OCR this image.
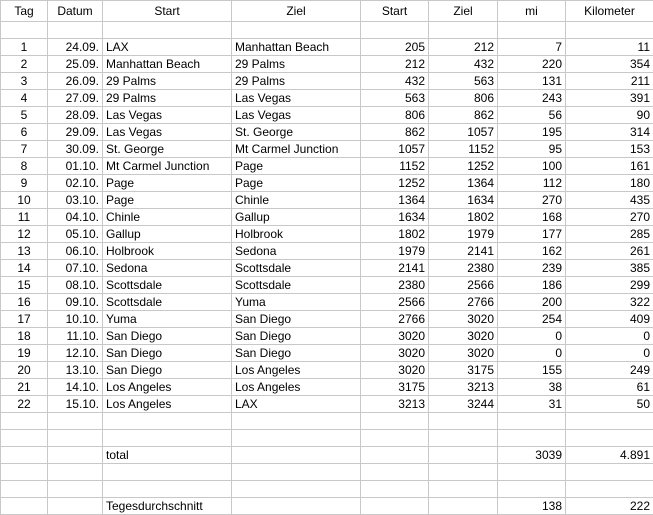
Tag	Datum	Start	Ziel	Start	Ziel	mi	Kilometer

1	24.09.	LAX	Manhattan Beach	205	212	7	11
2	25.09.	Manhattan Beach	29 Palms	212	432	220	354
3	26.09.	29 Palms	29 Palms	432	563	131	211
4	27.09.	29 Palms	Las Vegas	563	806	243	391
5	28.09.	Las Vegas	Las Vegas	806	862	56	90
6	29.09.	Las Vegas	St. George	862	1057	195	314
7	30.09.	St. George	Mt Carmel Junction	1057	1152	95	153
8	01.10.	Mt Carmel Junction	Page	1152	1252	100	161
9	02.10.	Page	Page	1252	1364	112	180
10	03.10.	Page	Chinle	1364	1634	270	435
11	04.10.	Chinle	Gallup	1634	1802	168	270
12	05.10.	Gallup	Holbrook	1802	1979	177	285
13	06.10.	Holbrook	Sedona	1979	2141	162	261
14	07.10.	Sedona	Scottsdale	2141	2380	239	385
15	08.10.	Scottsdale	Scottsdale	2380	2566	186	299
16	09.10.	Scottsdale	Yuma	2566	2766	200	322
17	10.10.	Yuma	San Diego	2766	3020	254	409
18	11.10.	San Diego	San Diego	3020	3020	0	0
19	12.10.	San Diego	San Diego	3020	3020	0	0
20	13.10.	San Diego	Los Angeles	3020	3175	155	249
21	14.10.	Los Angeles	Los Angeles	3175	3213	38	61
22	15.10.	Los Angeles	LAX	3213	3244	31	50

		total				3039	4.891

		Tegesdurchschnitt				138	222
